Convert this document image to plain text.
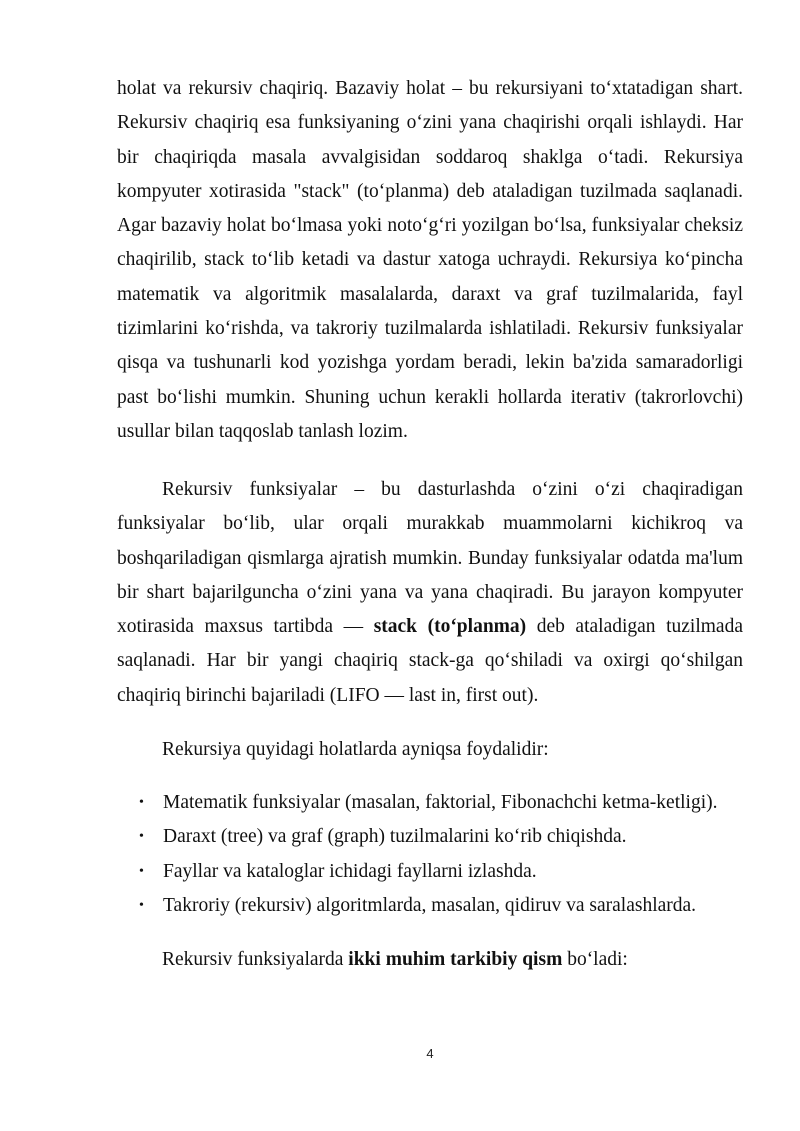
holat va rekursiv chaqiriq. Bazaviy holat – bu rekursiyani to‘xtatadigan shart. Rekursiv chaqiriq esa funksiyaning o‘zini yana chaqirishi orqali ishlaydi. Har bir chaqiriqda masala avvalgisidan soddaroq shaklga o‘tadi. Rekursiya kompyuter xotirasida "stack" (to‘planma) deb ataladigan tuzilmada saqlanadi. Agar bazaviy holat bo‘lmasa yoki noto‘g‘ri yozilgan bo‘lsa, funksiyalar cheksiz chaqirilib, stack to‘lib ketadi va dastur xatoga uchraydi. Rekursiya ko‘pincha matematik va algoritmik masalalarda, daraxt va graf tuzilmalarida, fayl tizimlarini ko‘rishda, va takroriy tuzilmalarda ishlatiladi. Rekursiv funksiyalar qisqa va tushunarli kod yozishga yordam beradi, lekin ba'zida samaradorligi past bo‘lishi mumkin. Shuning uchun kerakli hollarda iterativ (takrorlovchi) usullar bilan taqqoslab tanlash lozim.
Rekursiv funksiyalar – bu dasturlashda o‘zini o‘zi chaqiradigan funksiyalar bo‘lib, ular orqali murakkab muammolarni kichikroq va boshqariladigan qismlarga ajratish mumkin. Bunday funksiyalar odatda ma'lum bir shart bajarilguncha o‘zini yana va yana chaqiradi. Bu jarayon kompyuter xotirasida maxsus tartibda — stack (to‘planma) deb ataladigan tuzilmada saqlanadi. Har bir yangi chaqiriq stack-ga qo‘shiladi va oxirgi qo‘shilgan chaqiriq birinchi bajariladi (LIFO — last in, first out).
Rekursiya quyidagi holatlarda ayniqsa foydalidir:
• Matematik funksiyalar (masalan, faktorial, Fibonachchi ketma-ketligi).
• Daraxt (tree) va graf (graph) tuzilmalarini ko‘rib chiqishda.
• Fayllar va kataloglar ichidagi fayllarni izlashda.
• Takroriy (rekursiv) algoritmlarda, masalan, qidiruv va saralashlarda.
Rekursiv funksiyalarda ikki muhim tarkibiy qism bo‘ladi:
4
